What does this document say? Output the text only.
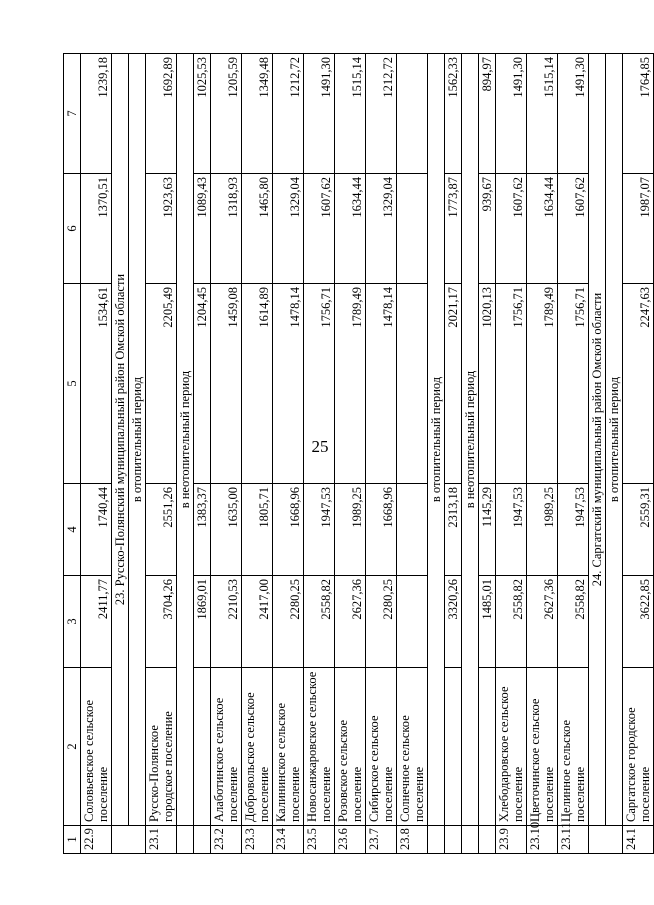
25
1	2	3	4	5	6	7
22.9	Соловьевское сельское поселение	2411,77	1740,44	1534,61	1370,51	1239,18
	23. Русско-Полянский муниципальный район Омской области					
	в отопительный период					
23.1	Русско-Полянское городское поселение	3704,26	2551,26	2205,49	1923,63	1692,89
	в неотопительный период					
		1869,01	1383,37	1204,45	1089,43	1025,53
23.2	Алаботинское сельское поселение	2210,53	1635,00	1459,08	1318,93	1205,59
23.3	Добровольское сельское поселение	2417,00	1805,71	1614,89	1465,80	1349,48
23.4	Калининское сельское поселение	2280,25	1668,96	1478,14	1329,04	1212,72
23.5	Новосанжаровское сельское поселение	2558,82	1947,53	1756,71	1607,62	1491,30
23.6	Розовское сельское поселение	2627,36	1989,25	1789,49	1634,44	1515,14
23.7	Сибирское сельское поселение	2280,25	1668,96	1478,14	1329,04	1212,72
23.8	Солнечное сельское поселение					
	в отопительный период					
		3320,26	2313,18	2021,17	1773,87	1562,33
	в неотопительный период					
		1485,01	1145,29	1020,13	939,67	894,97
23.9	Хлебодаровское сельское поселение	2558,82	1947,53	1756,71	1607,62	1491,30
23.10	Цветочинское сельское поселение	2627,36	1989,25	1789,49	1634,44	1515,14
23.11	Целинное сельское поселение	2558,82	1947,53	1756,71	1607,62	1491,30
	24. Саргатский муниципальный район Омской области					
	в отопительный период					
24.1	Саргатское городское поселение	3622,85	2559,31	2247,63	1987,07	1764,85
